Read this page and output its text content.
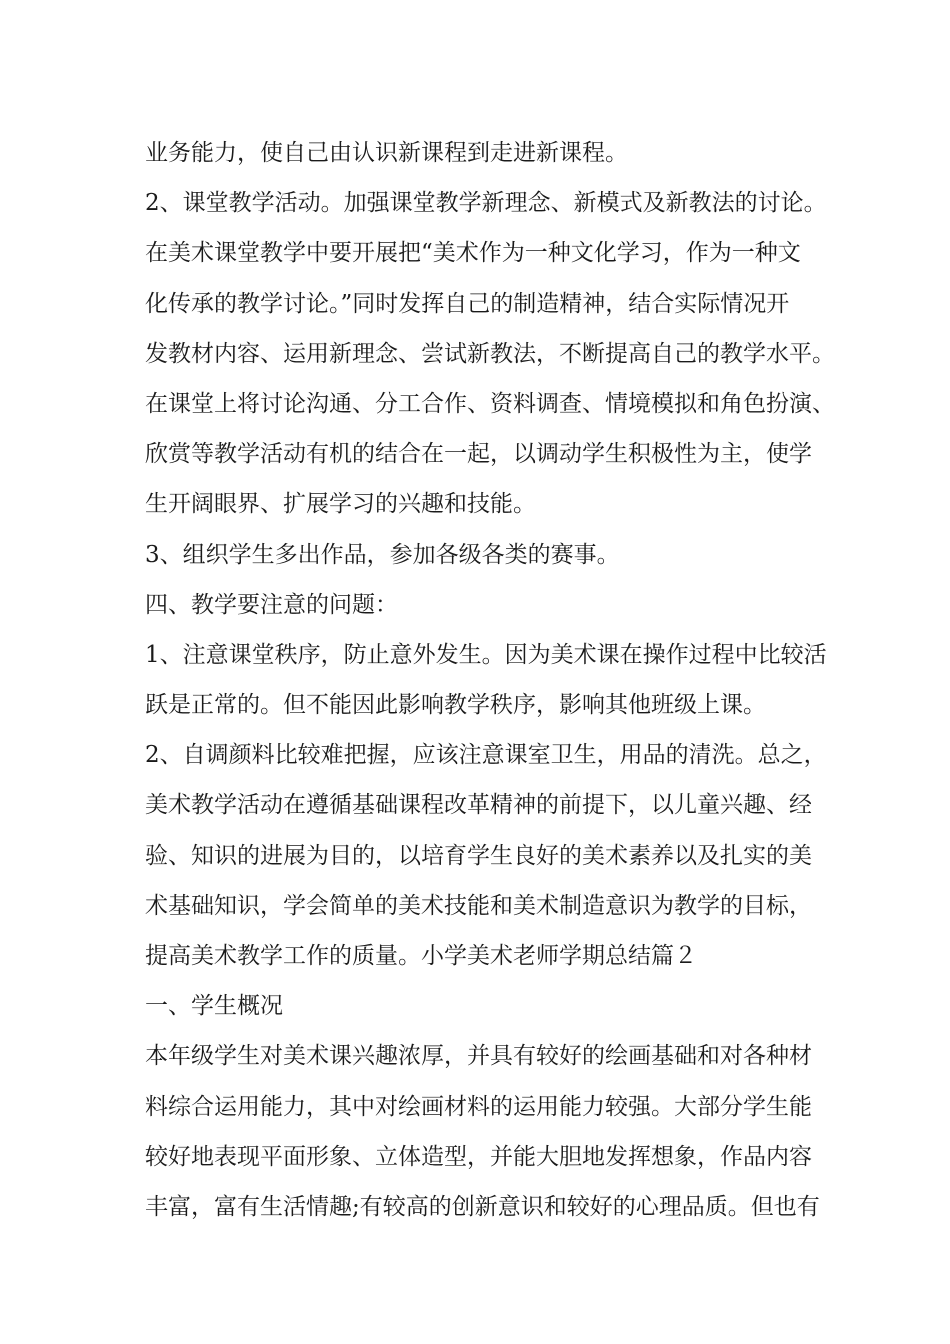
业务能力，使自己由认识新课程到走进新课程。
2、课堂教学活动。加强课堂教学新理念、新模式及新教法的讨论。
在美术课堂教学中要开展把“美术作为一种文化学习，作为一种文
化传承的教学讨论。”同时发挥自己的制造精神，结合实际情况开
发教材内容、运用新理念、尝试新教法，不断提高自己的教学水平。
在课堂上将讨论沟通、分工合作、资料调查、情境模拟和角色扮演、
欣赏等教学活动有机的结合在一起，以调动学生积极性为主，使学
生开阔眼界、扩展学习的兴趣和技能。
3、组织学生多出作品，参加各级各类的赛事。
四、教学要注意的问题：
1、注意课堂秩序，防止意外发生。因为美术课在操作过程中比较活
跃是正常的。但不能因此影响教学秩序，影响其他班级上课。
2、自调颜料比较难把握，应该注意课室卫生，用品的清洗。总之，
美术教学活动在遵循基础课程改革精神的前提下，以儿童兴趣、经
验、知识的进展为目的，以培育学生良好的美术素养以及扎实的美
术基础知识，学会简单的美术技能和美术制造意识为教学的目标，
提高美术教学工作的质量。小学美术老师学期总结篇２
一、学生概况
本年级学生对美术课兴趣浓厚，并具有较好的绘画基础和对各种材
料综合运用能力，其中对绘画材料的运用能力较强。大部分学生能
较好地表现平面形象、立体造型，并能大胆地发挥想象，作品内容
丰富，富有生活情趣;有较高的创新意识和较好的心理品质。但也有
